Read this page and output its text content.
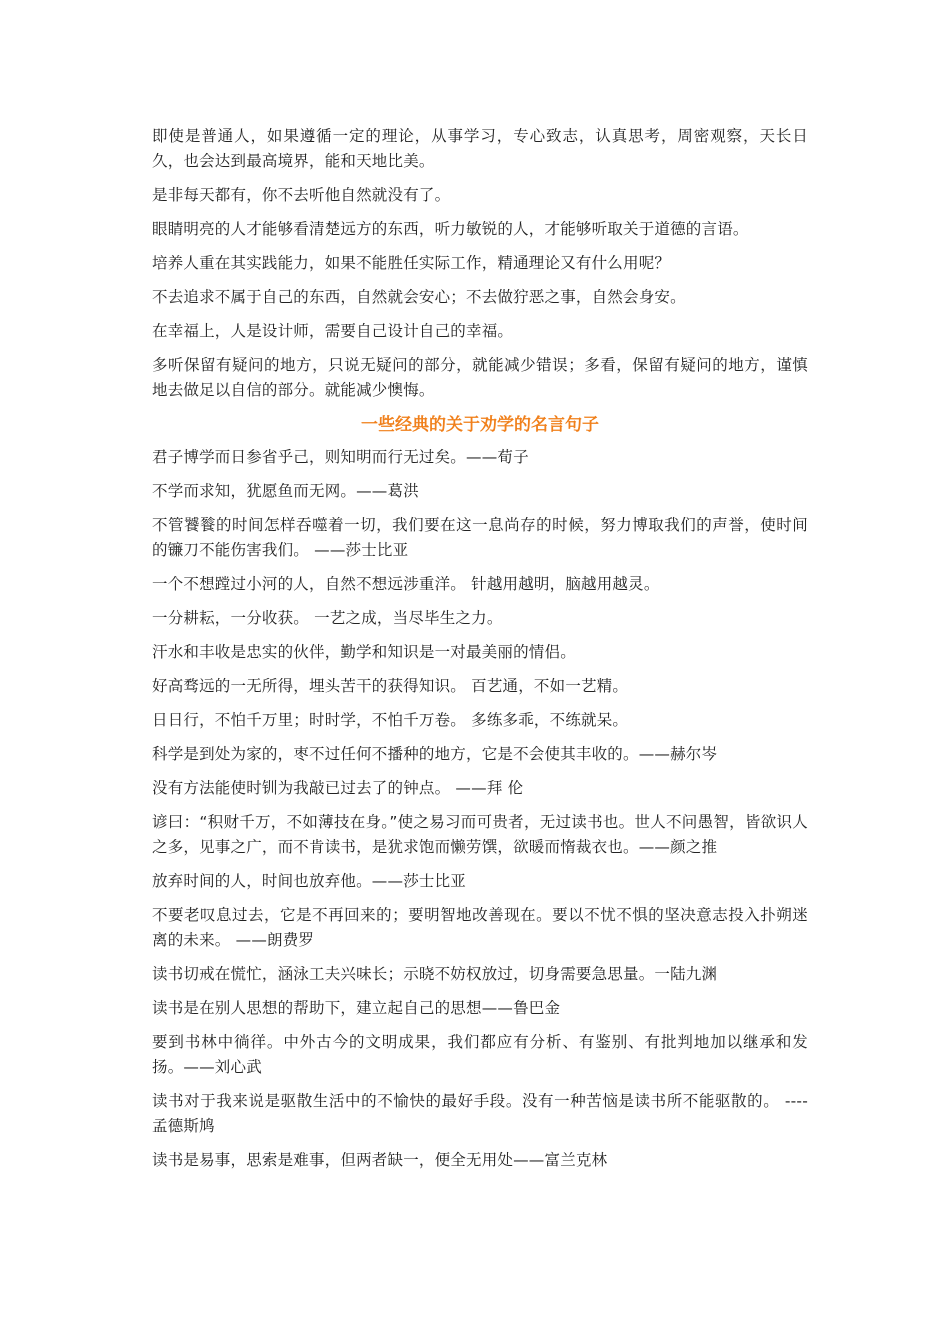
即使是普通人，如果遵循一定的理论，从事学习，专心致志，认真思考，周密观察，天长日久，也会达到最高境界，能和天地比美。

是非每天都有，你不去听他自然就没有了。

眼睛明亮的人才能够看清楚远方的东西，听力敏锐的人，才能够听取关于道德的言语。

培养人重在其实践能力，如果不能胜任实际工作，精通理论又有什么用呢？

不去追求不属于自己的东西，自然就会安心；不去做狞恶之事，自然会身安。

在幸福上，人是设计师，需要自己设计自己的幸福。

多听保留有疑问的地方，只说无疑问的部分，就能减少错误；多看，保留有疑问的地方，谨慎地去做足以自信的部分。就能减少懊悔。

一些经典的关于劝学的名言句子

君子博学而日参省乎己，则知明而行无过矣。——荀子

不学而求知，犹愿鱼而无网。——葛洪

不管饕餮的时间怎样吞噬着一切，我们要在这一息尚存的时候，努力博取我们的声誉，使时间的镰刀不能伤害我们。 ——莎士比亚

一个不想蹚过小河的人，自然不想远涉重洋。 针越用越明，脑越用越灵。

一分耕耘，一分收获。 一艺之成，当尽毕生之力。

汗水和丰收是忠实的伙伴，勤学和知识是一对最美丽的情侣。

好高骛远的一无所得，埋头苦干的获得知识。 百艺通，不如一艺精。

日日行，不怕千万里；时时学，不怕千万卷。 多练多乖，不练就呆。

科学是到处为家的，枣不过任何不播种的地方，它是不会使其丰收的。——赫尔岑

没有方法能使时钏为我敲已过去了的钟点。 ——拜 伦

谚曰：“积财千万，不如薄技在身。”使之易习而可贵者，无过读书也。世人不问愚智，皆欲识人之多，见事之广，而不肯读书，是犹求饱而懒劳馔，欲暖而惰裁衣也。——颜之推

放弃时间的人，时间也放弃他。——莎士比亚

不要老叹息过去，它是不再回来的；要明智地改善现在。要以不忧不惧的坚决意志投入扑朔迷离的未来。 ——朗费罗

读书切戒在慌忙，涵泳工夫兴味长；示晓不妨权放过，切身需要急思量。一陆九渊

读书是在别人思想的帮助下，建立起自己的思想——鲁巴金

要到书林中徜徉。中外古今的文明成果，我们都应有分析、有鉴别、有批判地加以继承和发扬。——刘心武

读书对于我来说是驱散生活中的不愉快的最好手段。没有一种苦恼是读书所不能驱散的。 ----孟德斯鸠

读书是易事，思索是难事，但两者缺一，便全无用处——富兰克林
